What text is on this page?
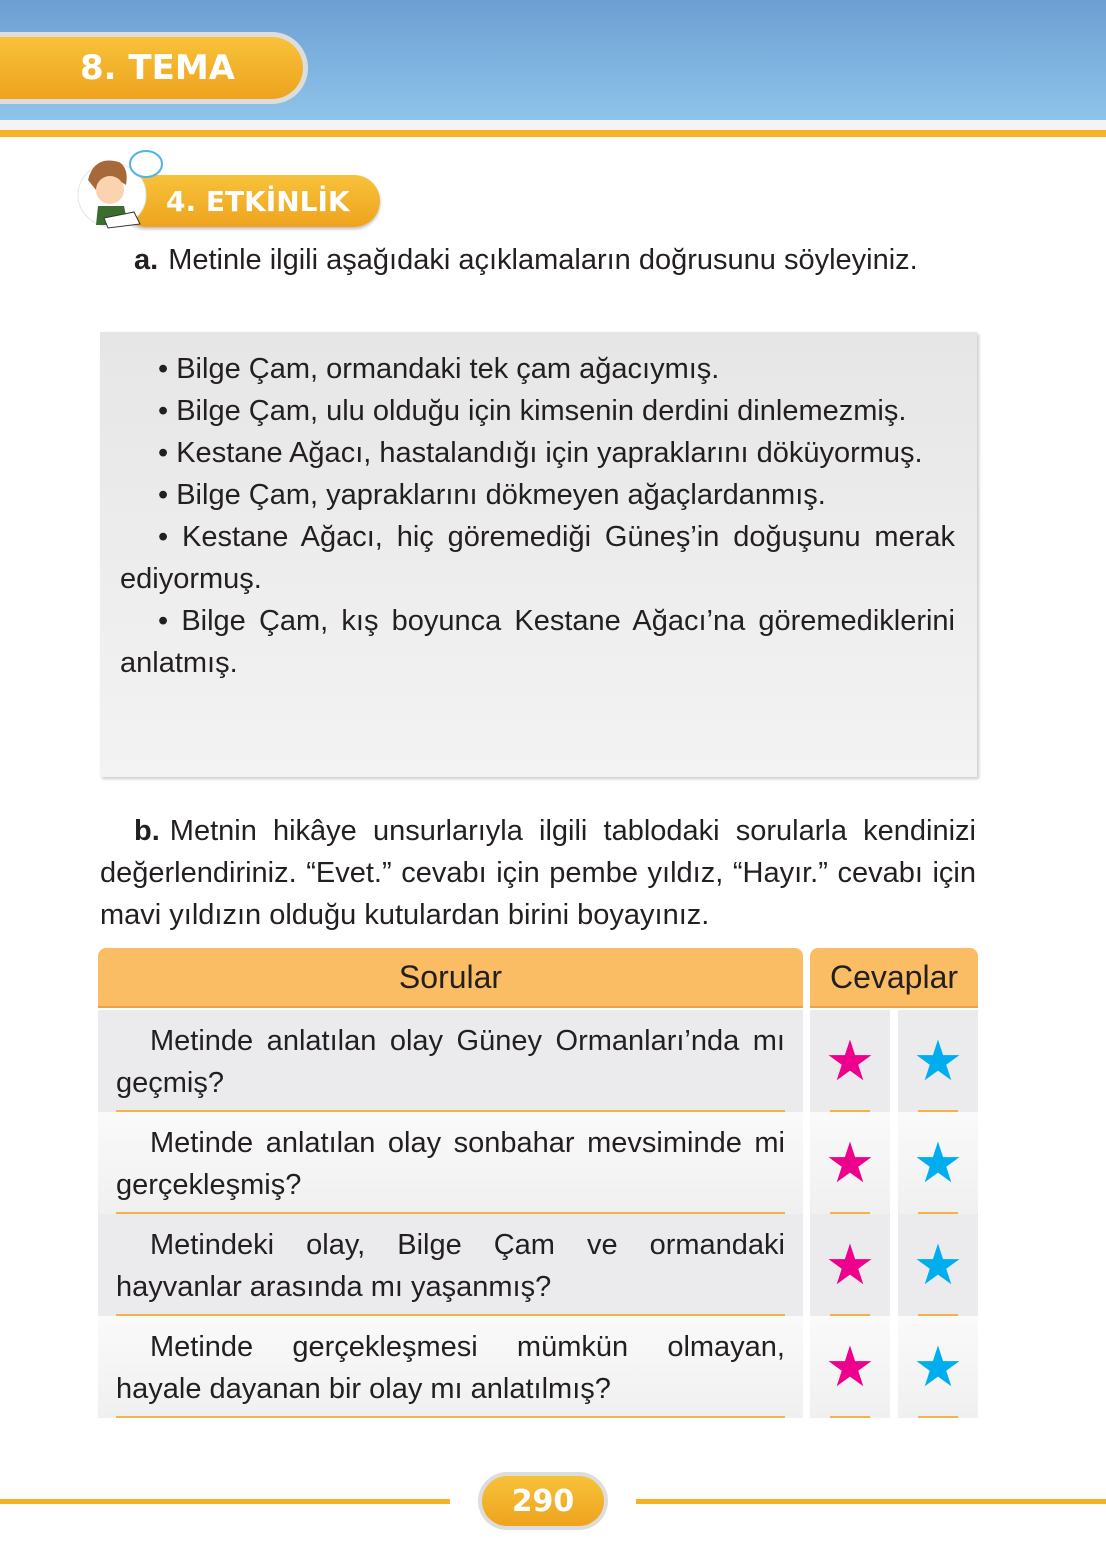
8. TEMA
4. ETKİNLİK
a. Metinle ilgili aşağıdaki açıklamaların doğrusunu söyleyiniz.

• Bilge Çam, ormandaki tek çam ağacıymış.

• Bilge Çam, ulu olduğu için kimsenin derdini dinlemezmiş.

• Kestane Ağacı, hastalandığı için yapraklarını döküyormuş.

• Bilge Çam, yapraklarını dökmeyen ağaçlardanmış.

• Kestane Ağacı, hiç göremediği Güneş’in doğuşunu merak ediyormuş.

• Bilge Çam, kış boyunca Kestane Ağacı’na göremediklerini anlatmış.

b. Metnin hikâye unsurlarıyla ilgili tablodaki sorularla kendinizi değerlendiriniz. “Evet.” cevabı için pembe yıldız, “Hayır.” cevabı için mavi yıldızın olduğu kutulardan birini boyayınız.
Sorular	Cevaplar
Metinde anlatılan olay Güney Ormanları’nda mı geçmiş?	★ ★
Metinde anlatılan olay sonbahar mevsiminde mi gerçekleşmiş?	★ ★
Metindeki olay, Bilge Çam ve ormandaki hayvanlar arasında mı yaşanmış?	★ ★
Metinde gerçekleşmesi mümkün olmayan, hayale dayanan bir olay mı anlatılmış?	★ ★
290
